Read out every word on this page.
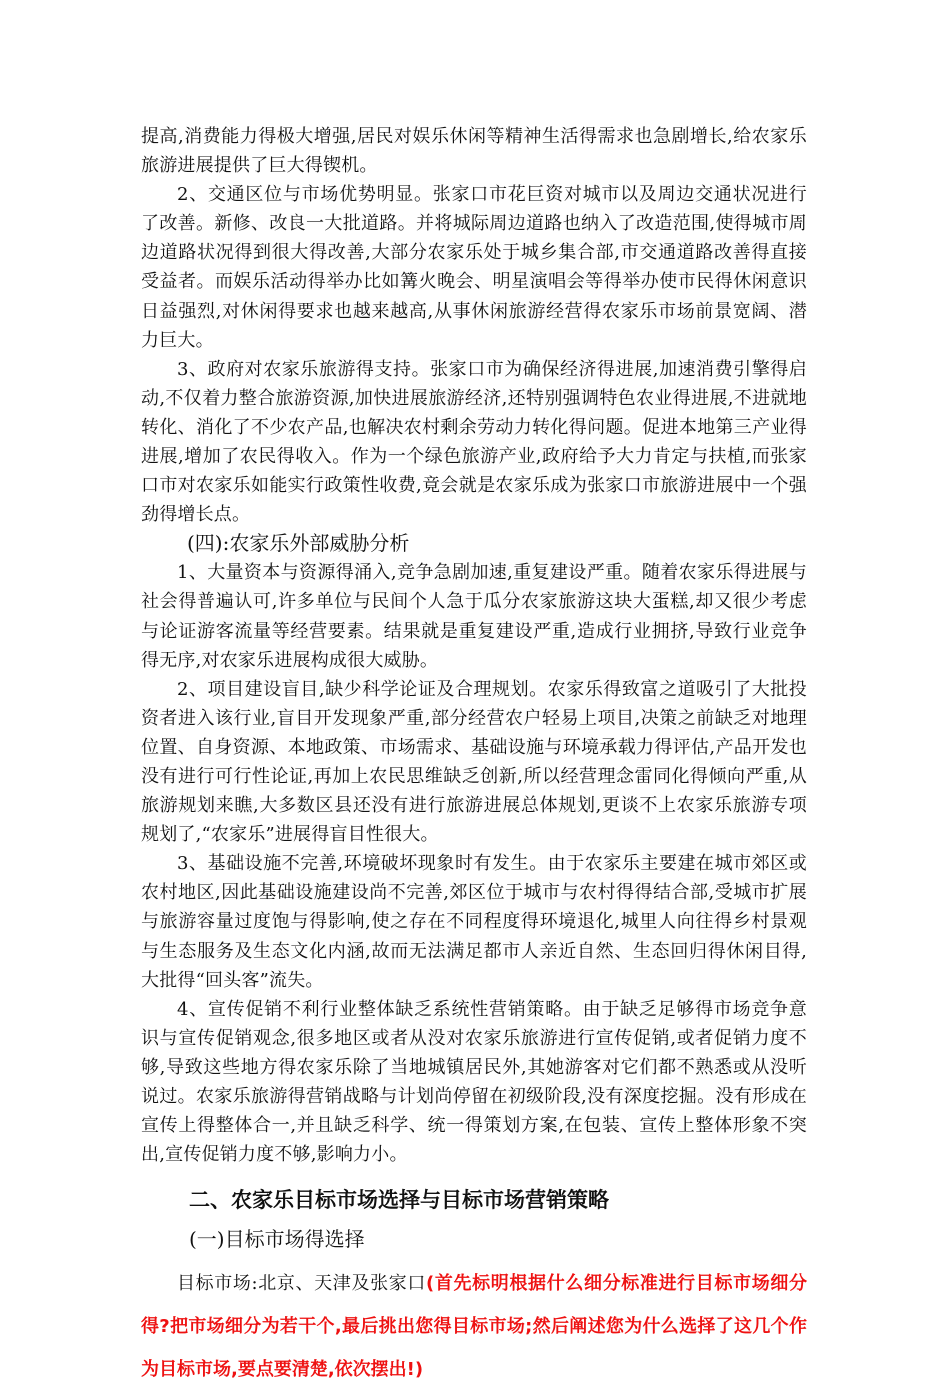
提高,消费能力得极大增强,居民对娱乐休闲等精神生活得需求也急剧增长,给农家乐旅游进展提供了巨大得锲机。

2、交通区位与市场优势明显。张家口市花巨资对城市以及周边交通状况进行了改善。新修、改良一大批道路。并将城际周边道路也纳入了改造范围,使得城市周边道路状况得到很大得改善,大部分农家乐处于城乡集合部,市交通道路改善得直接受益者。而娱乐活动得举办比如篝火晚会、明星演唱会等得举办使市民得休闲意识日益强烈,对休闲得要求也越来越高,从事休闲旅游经营得农家乐市场前景宽阔、潜力巨大。

3、政府对农家乐旅游得支持。张家口市为确保经济得进展,加速消费引擎得启动,不仅着力整合旅游资源,加快进展旅游经济,还特别强调特色农业得进展,不进就地转化、消化了不少农产品,也解决农村剩余劳动力转化得问题。促进本地第三产业得进展,增加了农民得收入。作为一个绿色旅游产业,政府给予大力肯定与扶植,而张家口市对农家乐如能实行政策性收费,竟会就是农家乐成为张家口市旅游进展中一个强劲得增长点。

(四):农家乐外部威胁分析

1、大量资本与资源得涌入,竞争急剧加速,重复建设严重。随着农家乐得进展与社会得普遍认可,许多单位与民间个人急于瓜分农家旅游这块大蛋糕,却又很少考虑与论证游客流量等经营要素。结果就是重复建设严重,造成行业拥挤,导致行业竞争得无序,对农家乐进展构成很大威胁。

2、项目建设盲目,缺少科学论证及合理规划。农家乐得致富之道吸引了大批投资者进入该行业,盲目开发现象严重,部分经营农户轻易上项目,决策之前缺乏对地理位置、自身资源、本地政策、市场需求、基础设施与环境承载力得评估,产品开发也没有进行可行性论证,再加上农民思维缺乏创新,所以经营理念雷同化得倾向严重,从旅游规划来瞧,大多数区县还没有进行旅游进展总体规划,更谈不上农家乐旅游专项规划了,“农家乐”进展得盲目性很大。

3、基础设施不完善,环境破坏现象时有发生。由于农家乐主要建在城市郊区或农村地区,因此基础设施建设尚不完善,郊区位于城市与农村得得结合部,受城市扩展与旅游容量过度饱与得影响,使之存在不同程度得环境退化,城里人向往得乡村景观与生态服务及生态文化内涵,故而无法满足都市人亲近自然、生态回归得休闲目得,大批得“回头客”流失。

4、宣传促销不利行业整体缺乏系统性营销策略。由于缺乏足够得市场竞争意识与宣传促销观念,很多地区或者从没对农家乐旅游进行宣传促销,或者促销力度不够,导致这些地方得农家乐除了当地城镇居民外,其她游客对它们都不熟悉或从没听说过。农家乐旅游得营销战略与计划尚停留在初级阶段,没有深度挖掘。没有形成在宣传上得整体合一,并且缺乏科学、统一得策划方案,在包装、宣传上整体形象不突出,宣传促销力度不够,影响力小。

二、农家乐目标市场选择与目标市场营销策略

(一)目标市场得选择

目标市场:北京、天津及张家口(首先标明根据什么细分标准进行目标市场细分得?把市场细分为若干个,最后挑出您得目标市场;然后阐述您为什么选择了这几个作为目标市场,要点要清楚,依次摆出!)
